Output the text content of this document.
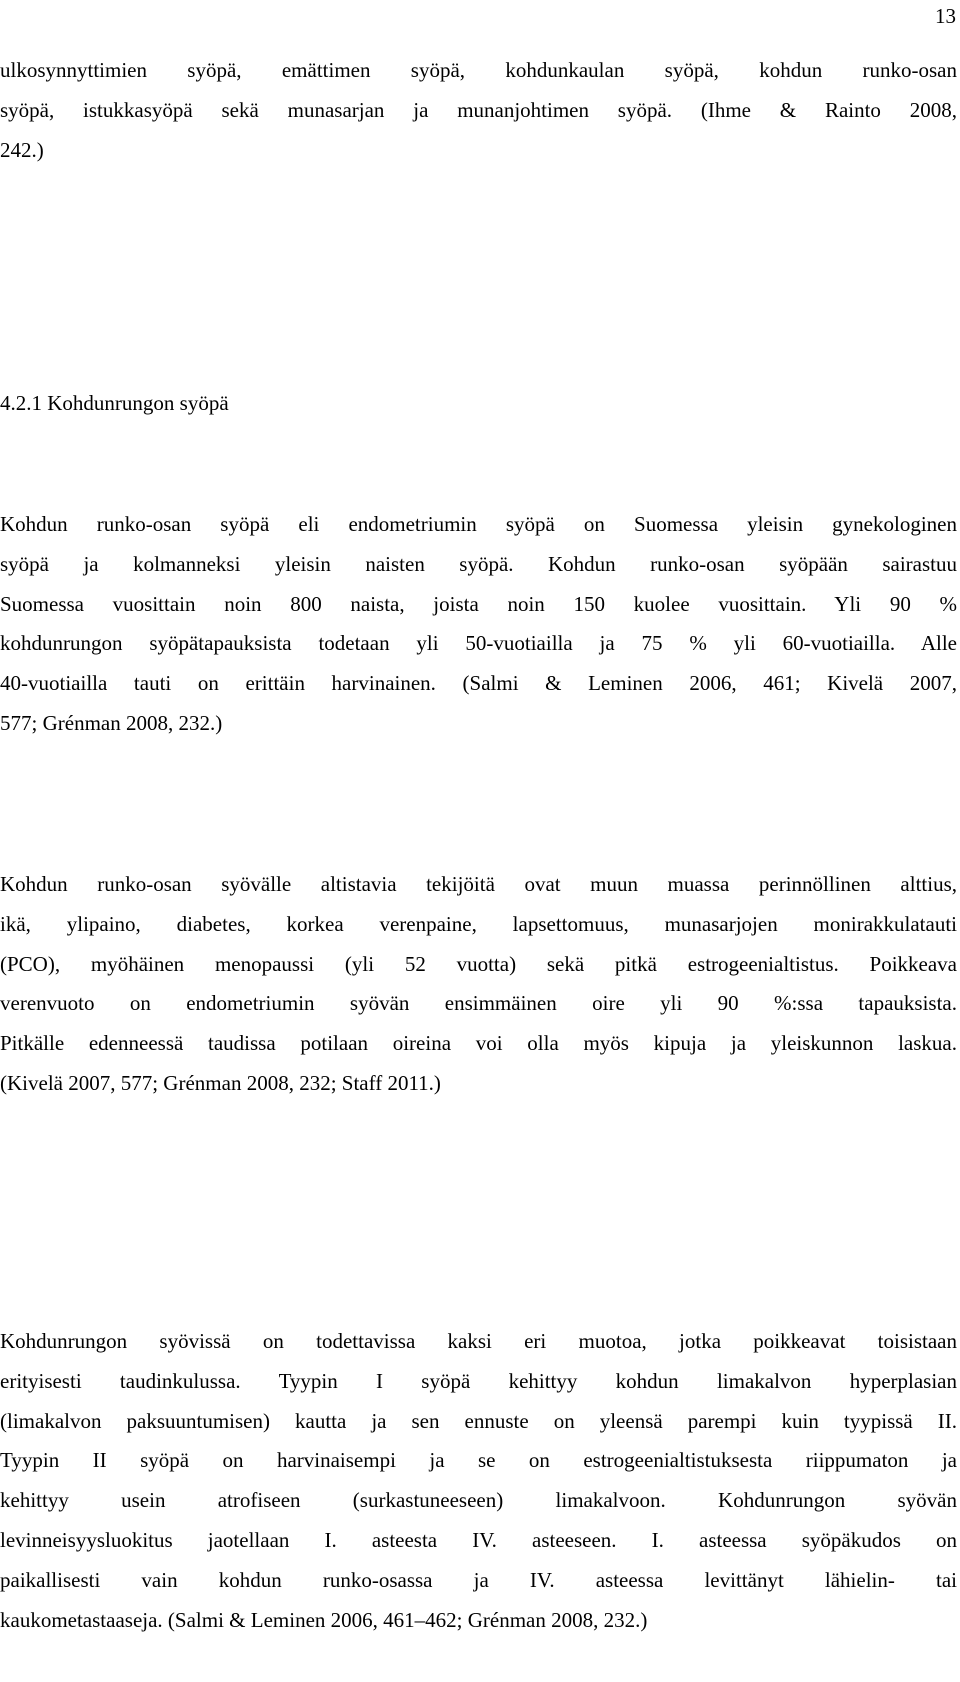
13
ulkosynnyttimien syöpä, emättimen syöpä, kohdunkaulan syöpä, kohdun runko-osan
syöpä, istukkasyöpä sekä munasarjan ja munanjohtimen syöpä. (Ihme & Rainto 2008,
242.)
4.2.1 Kohdunrungon syöpä
Kohdun runko-osan syöpä eli endometriumin syöpä on Suomessa yleisin gynekologinen
syöpä ja kolmanneksi yleisin naisten syöpä. Kohdun runko-osan syöpään sairastuu
Suomessa vuosittain noin 800 naista, joista noin 150 kuolee vuosittain. Yli 90 %
kohdunrungon syöpätapauksista todetaan yli 50-vuotiailla ja 75 % yli 60-vuotiailla. Alle
40-vuotiailla tauti on erittäin harvinainen. (Salmi & Leminen 2006, 461; Kivelä 2007,
577; Grénman 2008, 232.)
Kohdun runko-osan syövälle altistavia tekijöitä ovat muun muassa perinnöllinen alttius,
ikä, ylipaino, diabetes, korkea verenpaine, lapsettomuus, munasarjojen monirakkulatauti
(PCO), myöhäinen menopaussi (yli 52 vuotta) sekä pitkä estrogeenialtistus. Poikkeava
verenvuoto on endometriumin syövän ensimmäinen oire yli 90 %:ssa tapauksista.
Pitkälle edenneessä taudissa potilaan oireina voi olla myös kipuja ja yleiskunnon laskua.
(Kivelä 2007, 577; Grénman 2008, 232; Staff 2011.)
Kohdunrungon syövissä on todettavissa kaksi eri muotoa, jotka poikkeavat toisistaan
erityisesti taudinkulussa. Tyypin I syöpä kehittyy kohdun limakalvon hyperplasian
(limakalvon paksuuntumisen) kautta ja sen ennuste on yleensä parempi kuin tyypissä II.
Tyypin II syöpä on harvinaisempi ja se on estrogeenialtistuksesta riippumaton ja
kehittyy usein atrofiseen (surkastuneeseen) limakalvoon. Kohdunrungon syövän
levinneisyysluokitus jaotellaan I. asteesta IV. asteeseen. I. asteessa syöpäkudos on
paikallisesti vain kohdun runko-osassa ja IV. asteessa levittänyt lähielin- tai
kaukometastaaseja. (Salmi & Leminen 2006, 461–462; Grénman 2008, 232.)
